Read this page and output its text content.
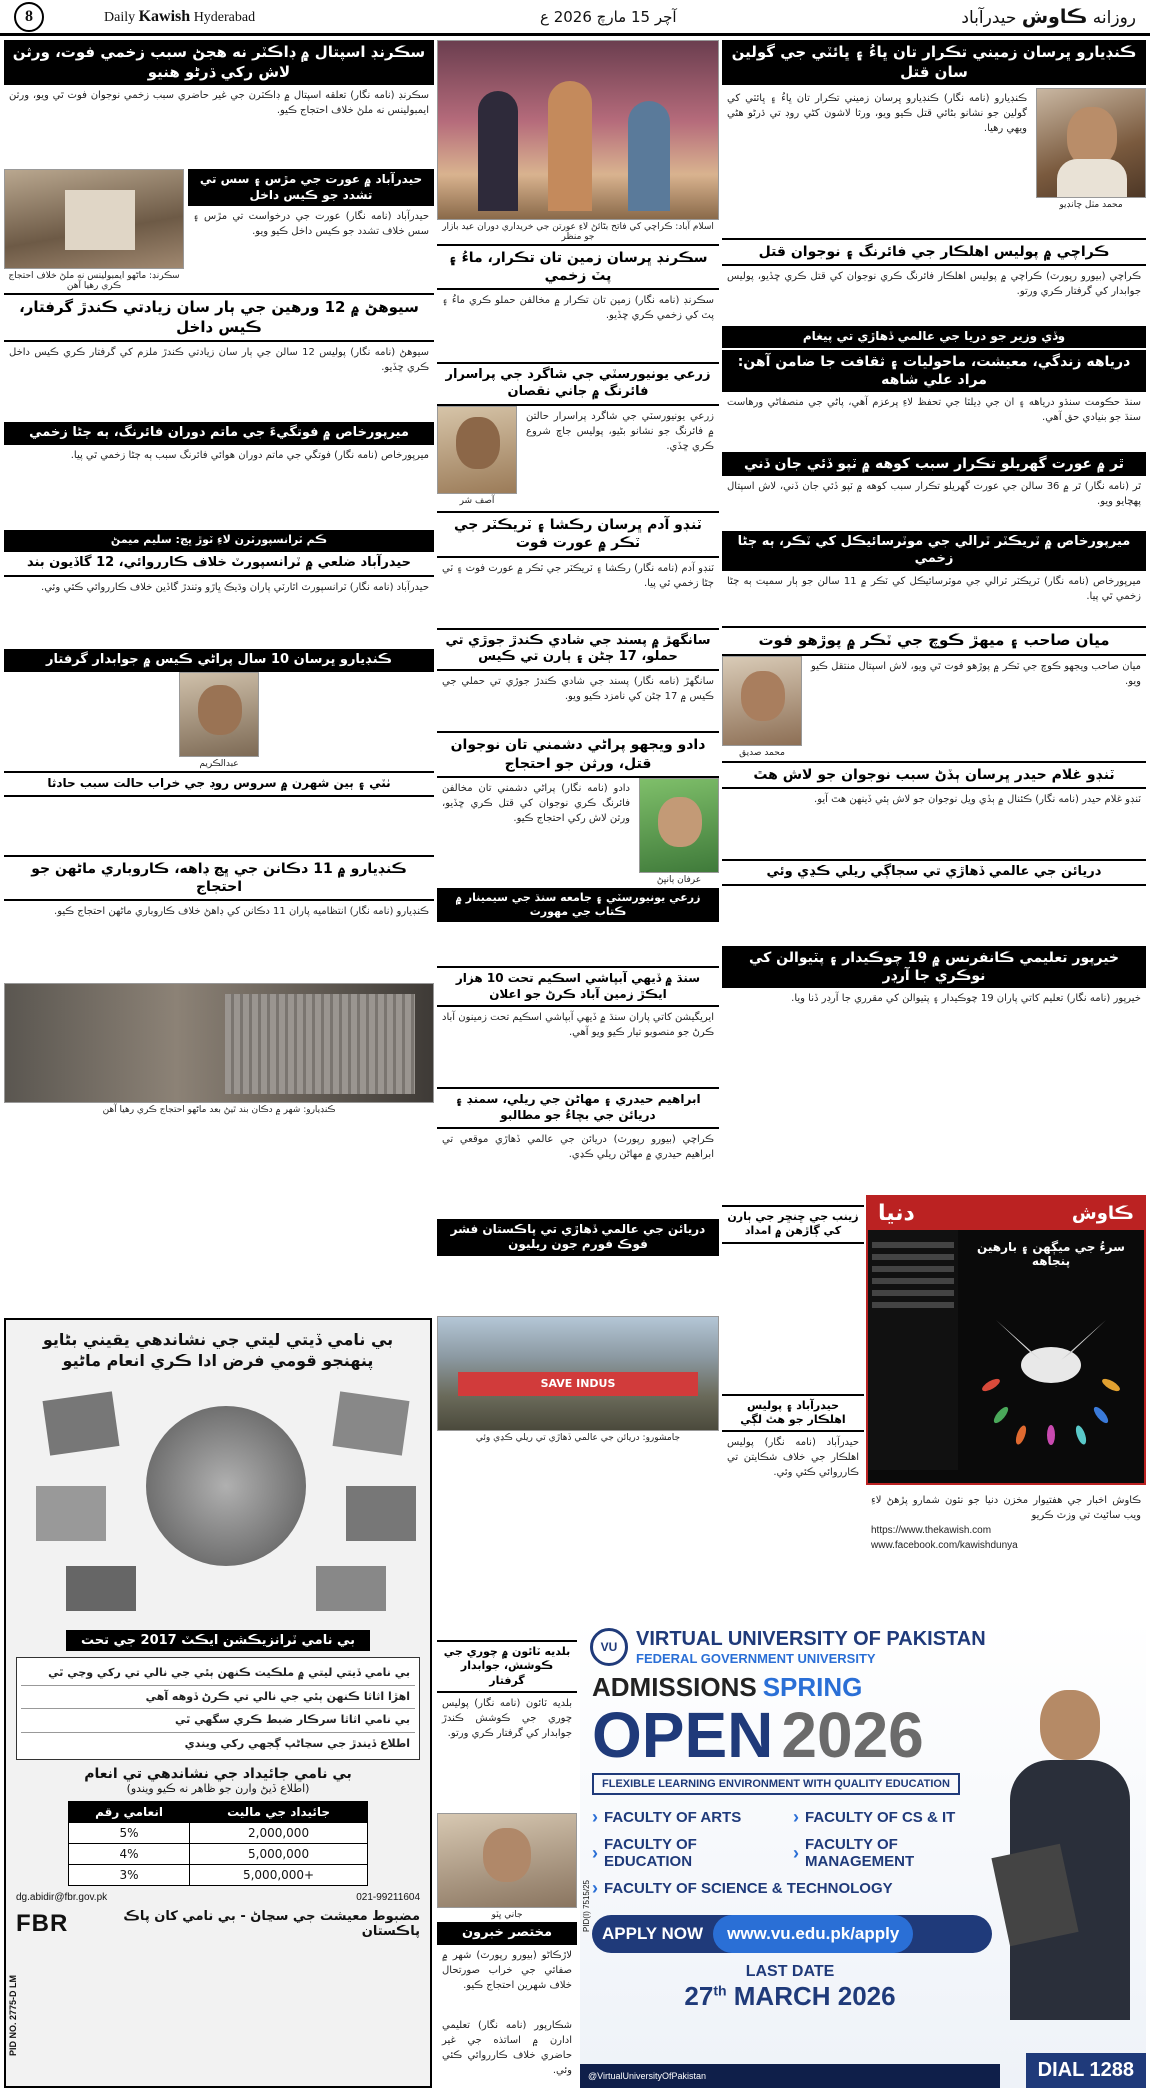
8	Daily Kawish Hyderabad	آچر 15 مارچ 2026 ع	روزانه ڪاوش حيدرآباد
ڪنڊيارو ڀرسان زميني تڪرار تان ڀاءُ ۽ ڀائٽي جي گولين سان قتل
ڪنڊيارو (نامه نگار) ڪنڊيارو ڀرسان زميني تڪرار تان ڀاءُ ۽ ڀائٽي کي گولين جو نشانو بڻائي قتل ڪيو ويو، ورثا لاشون کڻي روڊ تي ڌرڻو هڻي ويهي رهيا.
محمد مٺل چانڊيو
ڪراچي ۾ پوليس اهلڪار جي فائرنگ ۽ نوجوان قتل
ڪراچي (بيورو رپورٽ) ڪراچي ۾ پوليس اهلڪار فائرنگ ڪري نوجوان کي قتل ڪري ڇڏيو، پوليس جوابدار کي گرفتار ڪري ورتو.
وڏي وزير جو دريا جي عالمي ڏهاڙي تي پيغام
درياهه زندگي، معيشت، ماحوليات ۽ ثقافت جا ضامن آهن: مراد علي شاهه
سنڌ حڪومت سنڌو درياهه ۽ ان جي ڊيلٽا جي تحفظ لاءِ پرعزم آهي، پاڻي جي منصفاڻي ورهاست سنڌ جو بنيادي حق آهي.
ٿر ۾ عورت گهريلو تڪرار سبب کوهه ۾ ٽپو ڏئي جان ڏني
ٿر (نامه نگار) ٿر ۾ 36 سالن جي عورت گهريلو تڪرار سبب کوهه ۾ ٽپو ڏئي جان ڏني، لاش اسپتال پهچايو ويو.
ميرپورخاص ۾ ٽريڪٽر ٽرالي جي موٽرسائيڪل کي ٽڪر، ٻه ڄڻا زخمي
ميرپورخاص (نامه نگار) ٽريڪٽر ٽرالي جي موٽرسائيڪل کي ٽڪر ۾ 11 سالن جو ٻار سميت ٻه ڄڻا زخمي ٿي پيا.
ميان صاحب ۽ ميهڙ ڪوچ جي ٽڪر ۾ پوڙهو فوت
محمد صديق
ميان صاحب ويجهو ڪوچ جي ٽڪر ۾ پوڙهو فوت ٿي ويو، لاش اسپتال منتقل ڪيو ويو.
ٽنڊو غلام حيدر ڀرسان ٻڏڻ سبب نوجوان جو لاش هٿ
ٽنڊو غلام حيدر (نامه نگار) ڪئنال ۾ ٻڏي ويل نوجوان جو لاش ٻئي ڏينهن هٿ آيو.
دريائن جي عالمي ڏهاڙي تي سجاڳي ريلي ڪڍي وئي
خيرپور تعليمي ڪانفرنس ۾ 19 چوڪيدار ۽ پٽيوالن کي نوڪري جا آرڊر
خيرپور (نامه نگار) تعليم کاتي پاران 19 چوڪيدار ۽ پٽيوالن کي مقرري جا آرڊر ڏنا ويا.
اسلام آباد: ڪراچي کي فاتح بڻائڻ لاءِ عورتن جي خريداري دوران عيد بازار جو منظر
سڪرنڊ ڀرسان زمين تان تڪرار، ماءُ ۽ پٽ زخمي
سڪرنڊ (نامه نگار) زمين تان تڪرار ۾ مخالفن حملو ڪري ماءُ ۽ پٽ کي زخمي ڪري ڇڏيو.
زرعي يونيورسٽي جي شاگرد جي پراسرار فائرنگ ۾ جاني نقصان
آصف شر
زرعي يونيورسٽي جي شاگرد پراسرار حالتن ۾ فائرنگ جو نشانو بڻيو، پوليس جاچ شروع ڪري ڇڏي.
ٽنڊو آدم ڀرسان رڪشا ۽ ٽريڪٽر جي ٽڪر ۾ عورت فوت
ٽنڊو آدم (نامه نگار) رڪشا ۽ ٽريڪٽر جي ٽڪر ۾ عورت فوت ۽ ٽي ڄڻا زخمي ٿي پيا.
سانگهڙ ۾ پسند جي شادي ڪندڙ جوڙي تي حملو، 17 ڄڻن ۽ ٻارن تي ڪيس
سانگهڙ (نامه نگار) پسند جي شادي ڪندڙ جوڙي تي حملي جي ڪيس ۾ 17 ڄڻن کي نامزد ڪيو ويو.
دادو ويجهو پراڻي دشمني تان نوجوان قتل، ورثن جو احتجاج
دادو (نامه نگار) پراڻي دشمني تان مخالفن فائرنگ ڪري نوجوان کي قتل ڪري ڇڏيو، ورثن لاش رکي احتجاج ڪيو.
عرفان ٻانڀڻ
زرعي يونيورسٽي ۽ جامعه سنڌ جي سيمينار ۾ ڪتاب جي مهورت
سنڌ ۾ ڏيهي آبپاشي اسڪيم تحت 10 هزار ايڪڙ زمين آباد ڪرڻ جو اعلان
ايريگيشن کاتي پاران سنڌ ۾ ڏيهي آبپاشي اسڪيم تحت زمينون آباد ڪرڻ جو منصوبو تيار ڪيو ويو آهي.
ابراهيم حيدري ۽ مهاڻن جي ريلي، سمنڊ ۽ دريائن جي بچاءُ جو مطالبو
ڪراچي (بيورو رپورٽ) دريائن جي عالمي ڏهاڙي موقعي تي ابراهيم حيدري ۾ مهاڻن ريلي ڪڍي.
دريائن جي عالمي ڏهاڙي تي پاڪستان فشر فوڪ فورم جون ريليون
SAVE INDUS
جامشورو: دريائن جي عالمي ڏهاڙي تي ريلي ڪڍي وئي
سڪرنڊ اسپتال ۾ ڊاڪٽر نه هجڻ سبب زخمي فوت، ورثن لاش رکي ڌرڻو هنيو
سڪرنڊ (نامه نگار) تعلقه اسپتال ۾ ڊاڪٽرن جي غير حاضري سبب زخمي نوجوان فوت ٿي ويو، ورثن ايمبولينس نه ملڻ خلاف احتجاج ڪيو.
سڪرنڊ: ماڻهو ايمبولينس نه ملڻ خلاف احتجاج ڪري رهيا آهن
حيدرآباد ۾ عورت جي مڙس ۽ سس تي تشدد جو ڪيس داخل
حيدرآباد (نامه نگار) عورت جي درخواست تي مڙس ۽ سس خلاف تشدد جو ڪيس داخل ڪيو ويو.
سيوهڻ ۾ 12 ورهين جي ٻار سان زيادتي ڪندڙ گرفتار، ڪيس داخل
سيوهڻ (نامه نگار) پوليس 12 سالن جي ٻار سان زيادتي ڪندڙ ملزم کي گرفتار ڪري ڪيس داخل ڪري ڇڏيو.
ميرپورخاص ۾ فوتگيءَ جي ماتم دوران فائرنگ، ٻه ڄڻا زخمي
ميرپورخاص (نامه نگار) فوتگي جي ماتم دوران هوائي فائرنگ سبب ٻه ڄڻا زخمي ٿي پيا.
ڪم ٽرانسپورٽرن لاءِ ٽوڙ ڀڃ: سليم ميمڻ
حيدرآباد ضلعي ۾ ٽرانسپورٽ خلاف ڪارروائي، 12 گاڏيون بند
حيدرآباد (نامه نگار) ٽرانسپورٽ اٿارٽي پاران وڌيڪ ڀاڙو وٺندڙ گاڏين خلاف ڪارروائي ڪئي وئي.
ڪنڊيارو ڀرسان 10 سال پراڻي ڪيس ۾ جوابدار گرفتار
عبدالڪريم
ٺٽي ۽ ٻين شهرن ۾ سروس روڊ جي خراب حالت سبب حادثا
ڪنڊيارو ۾ 11 دڪانن جي ڀڃ ڊاهه، ڪاروباري ماڻهن جو احتجاج
ڪنڊيارو (نامه نگار) انتظاميه پاران 11 دڪانن کي ڊاهڻ خلاف ڪاروباري ماڻهن احتجاج ڪيو.
ڪنڊيارو: شهر ۾ دڪان بند ٿيڻ بعد ماڻهو احتجاج ڪري رهيا آهن
بي نامي ڏيتي ليتي جي نشاندهي يقيني بڻايو
پنهنجو قومي فرض ادا ڪري انعام ماڻيو
بي نامي ٽرانزيڪشن ايڪٽ 2017 جي تحت
بي نامي ڏيتي ليتي ۾ ملڪيت ڪنهن ٻئي جي نالي تي رکي وڃي ٿي
اهڙا اثاثا ڪنهن ٻئي جي نالي تي ڪرڻ ڏوهه آهي
بي نامي اثاثا سرڪار ضبط ڪري سگهي ٿي
اطلاع ڏيندڙ جي سڃاڻپ ڳجهي رکي ويندي
بي نامي جائيداد جي نشاندهي تي انعام
(اطلاع ڏيڻ وارن جو ظاهر نه ڪيو ويندو)
انعامي رقم	جائيداد جي ماليت
5%	2,000,000
4%	5,000,000
3%	5,000,000+
dg.abidir@fbr.gov.pk	021-99211604
FBR	مضبوط معيشت جي سڃاڻ - بي نامي کان پاڪ پاڪستان
PID NO. 2775-D LM
بلديه ٽائون ۾ چوري جي ڪوشش، جوابدار گرفتار
بلديه ٽائون (نامه نگار) پوليس چوري جي ڪوشش ڪندڙ جوابدار کي گرفتار ڪري ورتو.
جاني ڀٽو
مختصر خبرون
لاڙڪاڻو (بيورو رپورٽ) شهر ۾ صفائي جي خراب صورتحال خلاف شهرين احتجاج ڪيو.
شڪارپور (نامه نگار) تعليمي ادارن ۾ اساتذه جي غير حاضري خلاف ڪارروائي ڪئي وئي.
زينب جي ڇنڇر جي ٻارن کي ڳاڙهن ۾ امداد
حيدرآباد ۽ پوليس اهلڪار جو هٿ لڳي
حيدرآباد (نامه نگار) پوليس اهلڪار جي خلاف شڪايتن تي ڪارروائي ڪئي وئي.
دنيا	ڪاوش
سرءُ جي ميڳهن ۽ بارهين پنجاهه
ڪاوش اخبار جي هفتيوار مخزن دنيا جو نئون شمارو پڙهڻ لاءِ ويب سائيٽ تي وزٽ ڪريو
https://www.thekawish.com
www.facebook.com/kawishdunya
VU VIRTUAL UNIVERSITY OF PAKISTAN
FEDERAL GOVERNMENT UNIVERSITY
ADMISSIONS SPRING
OPEN 2026
FLEXIBLE LEARNING ENVIRONMENT WITH QUALITY EDUCATION
› FACULTY OF ARTS	› FACULTY OF CS & IT
› FACULTY OF EDUCATION	› FACULTY OF MANAGEMENT
› FACULTY OF SCIENCE & TECHNOLOGY
APPLY NOW	www.vu.edu.pk/apply
LAST DATE
27th MARCH 2026
DIAL 1288
@VirtualUniversityOfPakistan
PID(I) 7515/25
